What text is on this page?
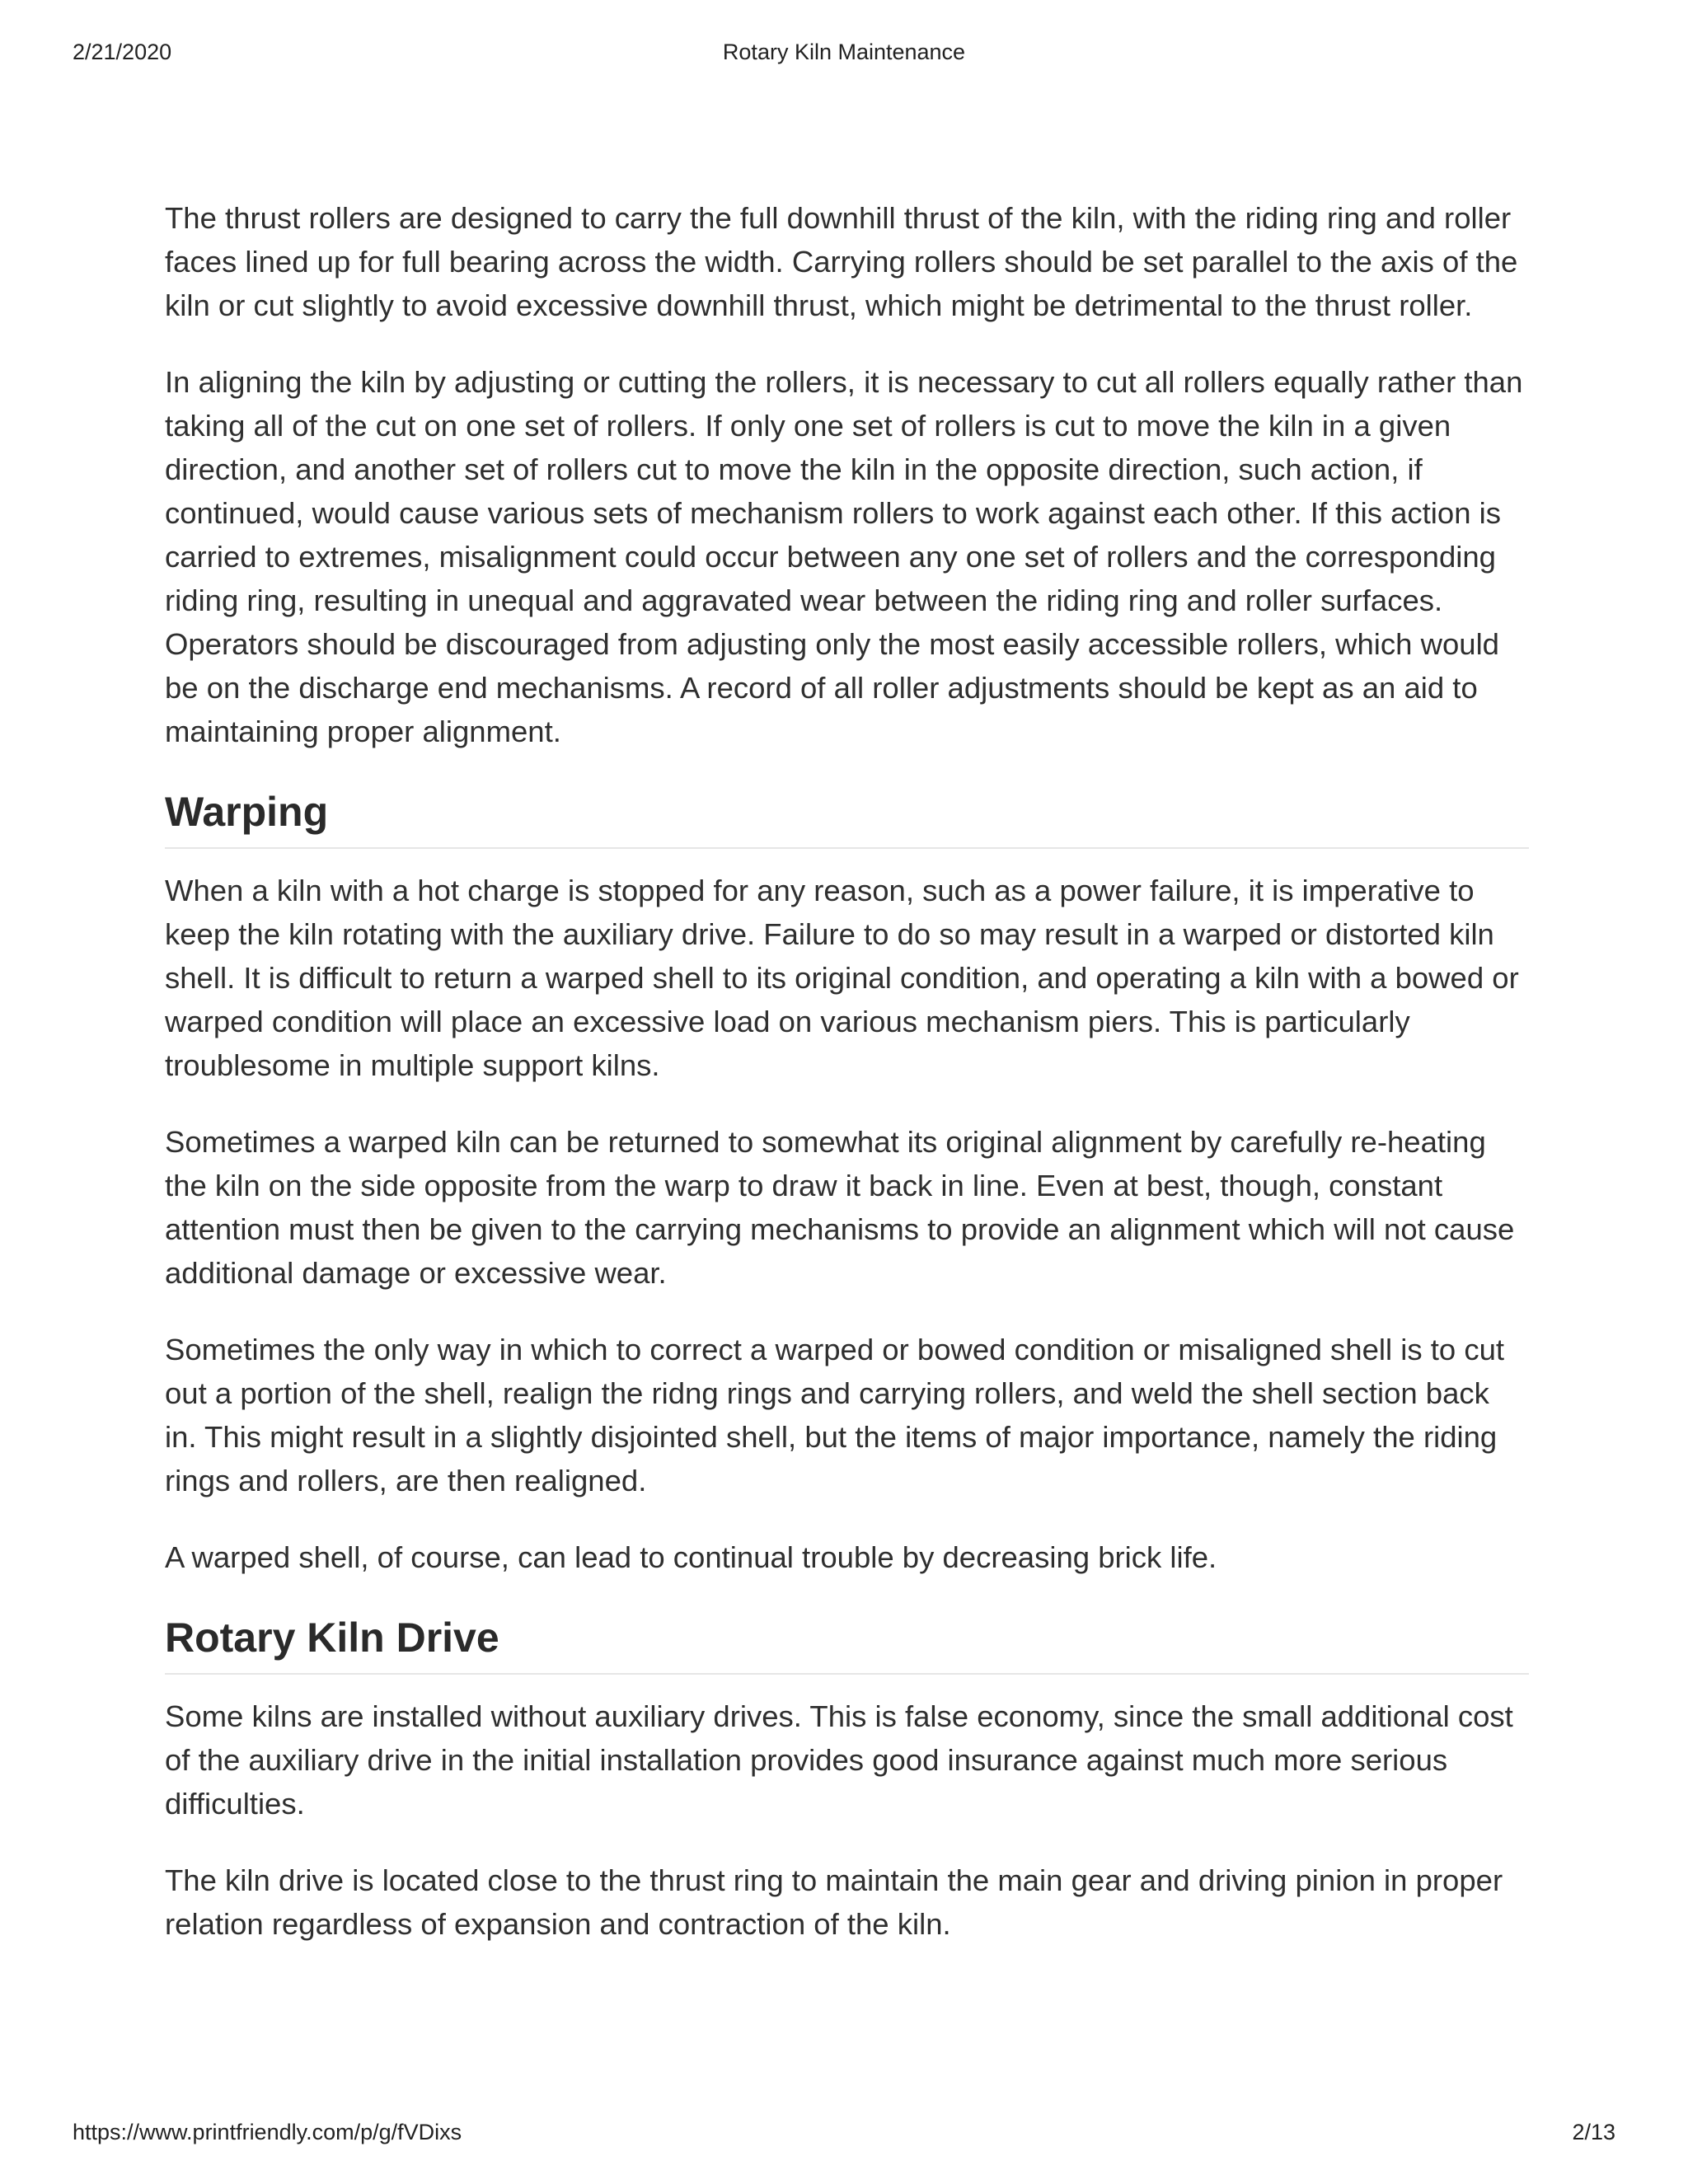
2/21/2020	Rotary Kiln Maintenance

The thrust rollers are designed to carry the full downhill thrust of the kiln, with the riding ring and roller faces lined up for full bearing across the width. Carrying rollers should be set parallel to the axis of the kiln or cut slightly to avoid excessive downhill thrust, which might be detrimental to the thrust roller.

In aligning the kiln by adjusting or cutting the rollers, it is necessary to cut all rollers equally rather than taking all of the cut on one set of rollers. If only one set of rollers is cut to move the kiln in a given direction, and another set of rollers cut to move the kiln in the opposite direction, such action, if continued, would cause various sets of mechanism rollers to work against each other. If this action is carried to extremes, misalignment could occur between any one set of rollers and the corresponding riding ring, resulting in unequal and aggravated wear between the riding ring and roller surfaces. Operators should be discouraged from adjusting only the most easily accessible rollers, which would be on the discharge end mechanisms. A record of all roller adjustments should be kept as an aid to maintaining proper alignment.

Warping

When a kiln with a hot charge is stopped for any reason, such as a power failure, it is imperative to keep the kiln rotating with the auxiliary drive. Failure to do so may result in a warped or distorted kiln shell. It is difficult to return a warped shell to its original condition, and operating a kiln with a bowed or warped condition will place an excessive load on various mechanism piers. This is particularly troublesome in multiple support kilns.

Sometimes a warped kiln can be returned to somewhat its original alignment by carefully re-heating the kiln on the side opposite from the warp to draw it back in line. Even at best, though, constant attention must then be given to the carrying mechanisms to provide an alignment which will not cause additional damage or excessive wear.

Sometimes the only way in which to correct a warped or bowed condition or misaligned shell is to cut out a portion of the shell, realign the ridng rings and carrying rollers, and weld the shell section back in. This might result in a slightly disjointed shell, but the items of major importance, namely the riding rings and rollers, are then realigned.

A warped shell, of course, can lead to continual trouble by decreasing brick life.

Rotary Kiln Drive

Some kilns are installed without auxiliary drives. This is false economy, since the small additional cost of the auxiliary drive in the initial installation provides good insurance against much more serious difficulties.

The kiln drive is located close to the thrust ring to maintain the main gear and driving pinion in proper relation regardless of expansion and contraction of the kiln.

https://www.printfriendly.com/p/g/fVDixs	2/13
